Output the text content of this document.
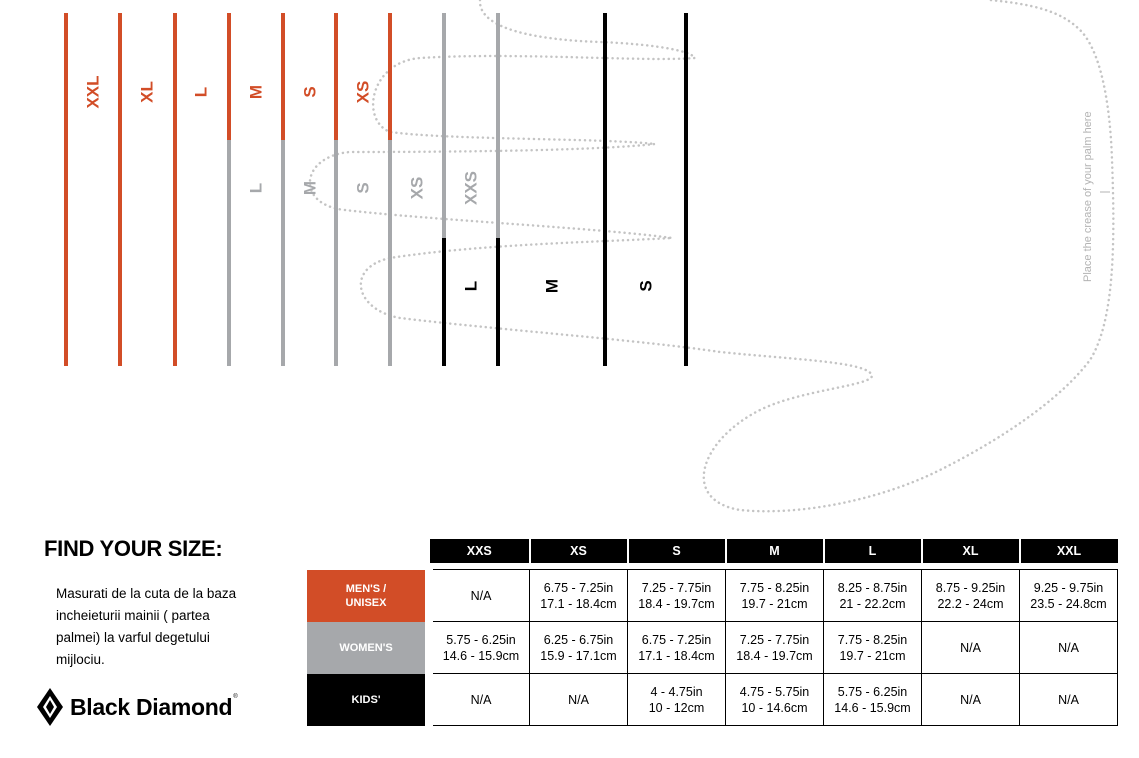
XXL XL L M S XS
L M S XS XXS
L	M	S
Place the crease of your palm here
FIND YOUR SIZE:
Masurati de la cuta de la baza incheieturii mainii ( partea palmei) la varful degetului mijlociu.
Black Diamond ®
	XXS	XS	S	M	L	XL	XXL

MEN'S /
UNISEX	N/A	6.75 - 7.25in
17.1 - 18.4cm	7.25 - 7.75in
18.4 - 19.7cm	7.75 - 8.25in
19.7 - 21cm	8.25 - 8.75in
21 - 22.2cm	8.75 - 9.25in
22.2 - 24cm	9.25 - 9.75in
23.5 - 24.8cm
WOMEN'S	5.75 - 6.25in
14.6 - 15.9cm	6.25 - 6.75in
15.9 - 17.1cm	6.75 - 7.25in
17.1 - 18.4cm	7.25 - 7.75in
18.4 - 19.7cm	7.75 - 8.25in
19.7 - 21cm	N/A	N/A

KIDS'	N/A	N/A	4 - 4.75in
10 - 12cm	4.75 - 5.75in
10 - 14.6cm	5.75 - 6.25in
14.6 - 15.9cm	N/A	N/A
